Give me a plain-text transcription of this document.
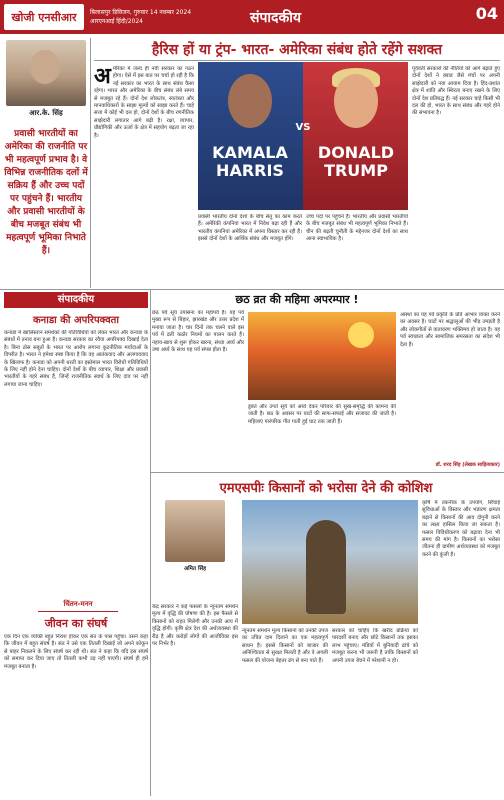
खोजी एनसीआर	बिलासपुर डिविजन, गुरुवार 14 नवम्बर 2024
आरएनआई हिंदी/2024	संपादकीय	04
आर.के. सिंह
प्रवासी भारतीयों का अमेरिका की राजनीति पर भी महत्वपूर्ण प्रभाव है। वे विभिन्न राजनीतिक दलों में सक्रिय हैं और उच्च पदों पर पहुंचने हैं। भारतीय और प्रवासी भारतीयों के बीच मजबूत संबंध भी महत्वपूर्ण भूमिका निभाते हैं।
हैरिस हों या ट्रंप- भारत- अमेरिका संबंध होते रहेंगे सशक्त
अमेरिका में जल्द ही नयी सरकार का गठन होगा। ऐसे में इस बात पर चर्चा हो रही है कि नई सरकार का भारत के साथ संबंध कैसा रहेगा। भारत और अमेरिका के बीच संबंध लंबे समय से मजबूत रहे हैं। दोनों देश लोकतंत्र, स्वतंत्रता और मानवाधिकारों के साझा मूल्यों को साझा करते हैं। चाहे सत्ता में कोई भी दल हो, दोनों देशों के बीच रणनीतिक साझेदारी लगातार आगे बढ़ी है। रक्षा, व्यापार, प्रौद्योगिकी और ऊर्जा के क्षेत्र में सहयोग बढ़ता जा रहा है।
KAMALA HARRIS
DONALD TRUMP
VS
प्रवासी भारतीय दोनों देशों के बीच सेतु का काम करते हैं। अमेरिकी कंपनियां भारत में निवेश बढ़ा रही हैं और भारतीय कंपनियां अमेरिका में अपना विस्तार कर रही हैं। इससे दोनों देशों के आर्थिक संबंध और मजबूत होंगे।
उच्च पदों पर पहुंचने हैं। भारतीय और प्रवासी भारतीयों के बीच मजबूत संबंध भी महत्वपूर्ण भूमिका निभाते हैं। चीन की बढ़ती चुनौती के मद्देनजर दोनों देशों का साथ आना स्वाभाविक है।
पूर्ववर्ती सरकारों की नीतियों को आगे बढ़ाते हुए दोनों देशों ने क्वाड जैसे मंचों पर अपनी साझेदारी को नया आयाम दिया है। हिंद-प्रशांत क्षेत्र में शांति और स्थिरता बनाए रखने के लिए दोनों देश प्रतिबद्ध हैं। नई सरकार चाहे किसी भी दल की हो, भारत के साथ संबंध और गहरे होने की संभावना है।
संपादकीय
कनाडा की अपरिपक्वता
कनाडा में खालिस्तान समर्थकों की गतिविधियों को लेकर भारत और कनाडा के संबंधों में तनाव बना हुआ है। कनाडा सरकार का रवैया अपरिपक्व दिखाई देता है। बिना ठोस सबूतों के भारत पर आरोप लगाना कूटनीतिक मर्यादाओं के विपरीत है। भारत ने हमेशा स्पष्ट किया है कि वह आतंकवाद और अलगाववाद के खिलाफ है। कनाडा को अपनी धरती का इस्तेमाल भारत विरोधी गतिविधियों के लिए नहीं होने देना चाहिए। दोनों देशों के बीच व्यापार, शिक्षा और प्रवासी भारतीयों के गहरे संबंध हैं, जिन्हें राजनीतिक स्वार्थ के लिए दांव पर नहीं लगाया जाना चाहिए।
चिंतन-मनन
जीवन का संघर्ष
एक दिन एक व्यक्ति बहुत निराश होकर एक संत के पास पहुंचा। उसने कहा कि जीवन में बहुत संघर्ष है। संत ने उसे एक तितली दिखाई जो अपने कोकून से बाहर निकलने के लिए संघर्ष कर रही थी। संत ने कहा कि यदि इस संघर्ष को समाप्त कर दिया जाए तो तितली कभी उड़ नहीं पाएगी। संघर्ष ही हमें मजबूत बनाता है।
छठ व्रत की महिमा अपरम्पार !
छठ पर्व सूर्य उपासना का महापर्व है। यह पर्व मुख्य रूप से बिहार, झारखंड और उत्तर प्रदेश में मनाया जाता है। चार दिनों तक चलने वाले इस पर्व में व्रती कठोर नियमों का पालन करते हैं। नहाय-खाय से शुरू होकर खरना, संध्या अर्घ्य और उषा अर्घ्य के साथ यह पर्व संपन्न होता है।
डूबते और उगते सूर्य को अर्घ्य देकर परिवार की सुख-समृद्धि की कामना की जाती है। छठ के अवसर पर घाटों की साफ-सफाई और सजावट की जाती है। महिलाएं पारंपरिक गीत गाती हुई घाट तक जाती हैं।
आस्था का यह पर्व प्रकृति के प्रति आभार व्यक्त करने का अवसर है। घाटों पर श्रद्धालुओं की भीड़ उमड़ती है और लोकगीतों से वातावरण भक्तिमय हो जाता है। यह पर्व स्वच्छता और सामाजिक समरसता का संदेश भी देता है।
डॉ. शरद सिंह (लेखक साहित्यकार)
एमएसपीः किसानों को भरोसा देने की कोशिश
अमित सिंह
केंद्र सरकार ने कई फसलों के न्यूनतम समर्थन मूल्य में वृद्धि की घोषणा की है। इस फैसले से किसानों को राहत मिलेगी और उनकी आय में वृद्धि होगी। कृषि क्षेत्र देश की अर्थव्यवस्था की रीढ़ है और करोड़ों लोगों की आजीविका इस पर निर्भर है।
न्यूनतम समर्थन मूल्य किसानों को उनकी उपज का उचित दाम दिलाने का एक महत्वपूर्ण साधन है। इससे किसानों को बाजार की अनिश्चितता से सुरक्षा मिलती है और वे अगली फसल की योजना बेहतर ढंग से बना पाते हैं।
सरकार को चाहिए कि खरीद प्रक्रिया को पारदर्शी बनाए और छोटे किसानों तक इसका लाभ पहुंचाए। मंडियों में बुनियादी ढांचे को मजबूत करना भी जरूरी है ताकि किसानों को अपनी उपज बेचने में परेशानी न हो।
कृषि में तकनीक के उपयोग, सिंचाई सुविधाओं के विस्तार और भंडारण क्षमता बढ़ाने से किसानों की आय दोगुनी करने का लक्ष्य हासिल किया जा सकता है। फसल विविधीकरण को बढ़ावा देना भी समय की मांग है। किसानों का भरोसा जीतना ही ग्रामीण अर्थव्यवस्था को मजबूत करने की कुंजी है।
